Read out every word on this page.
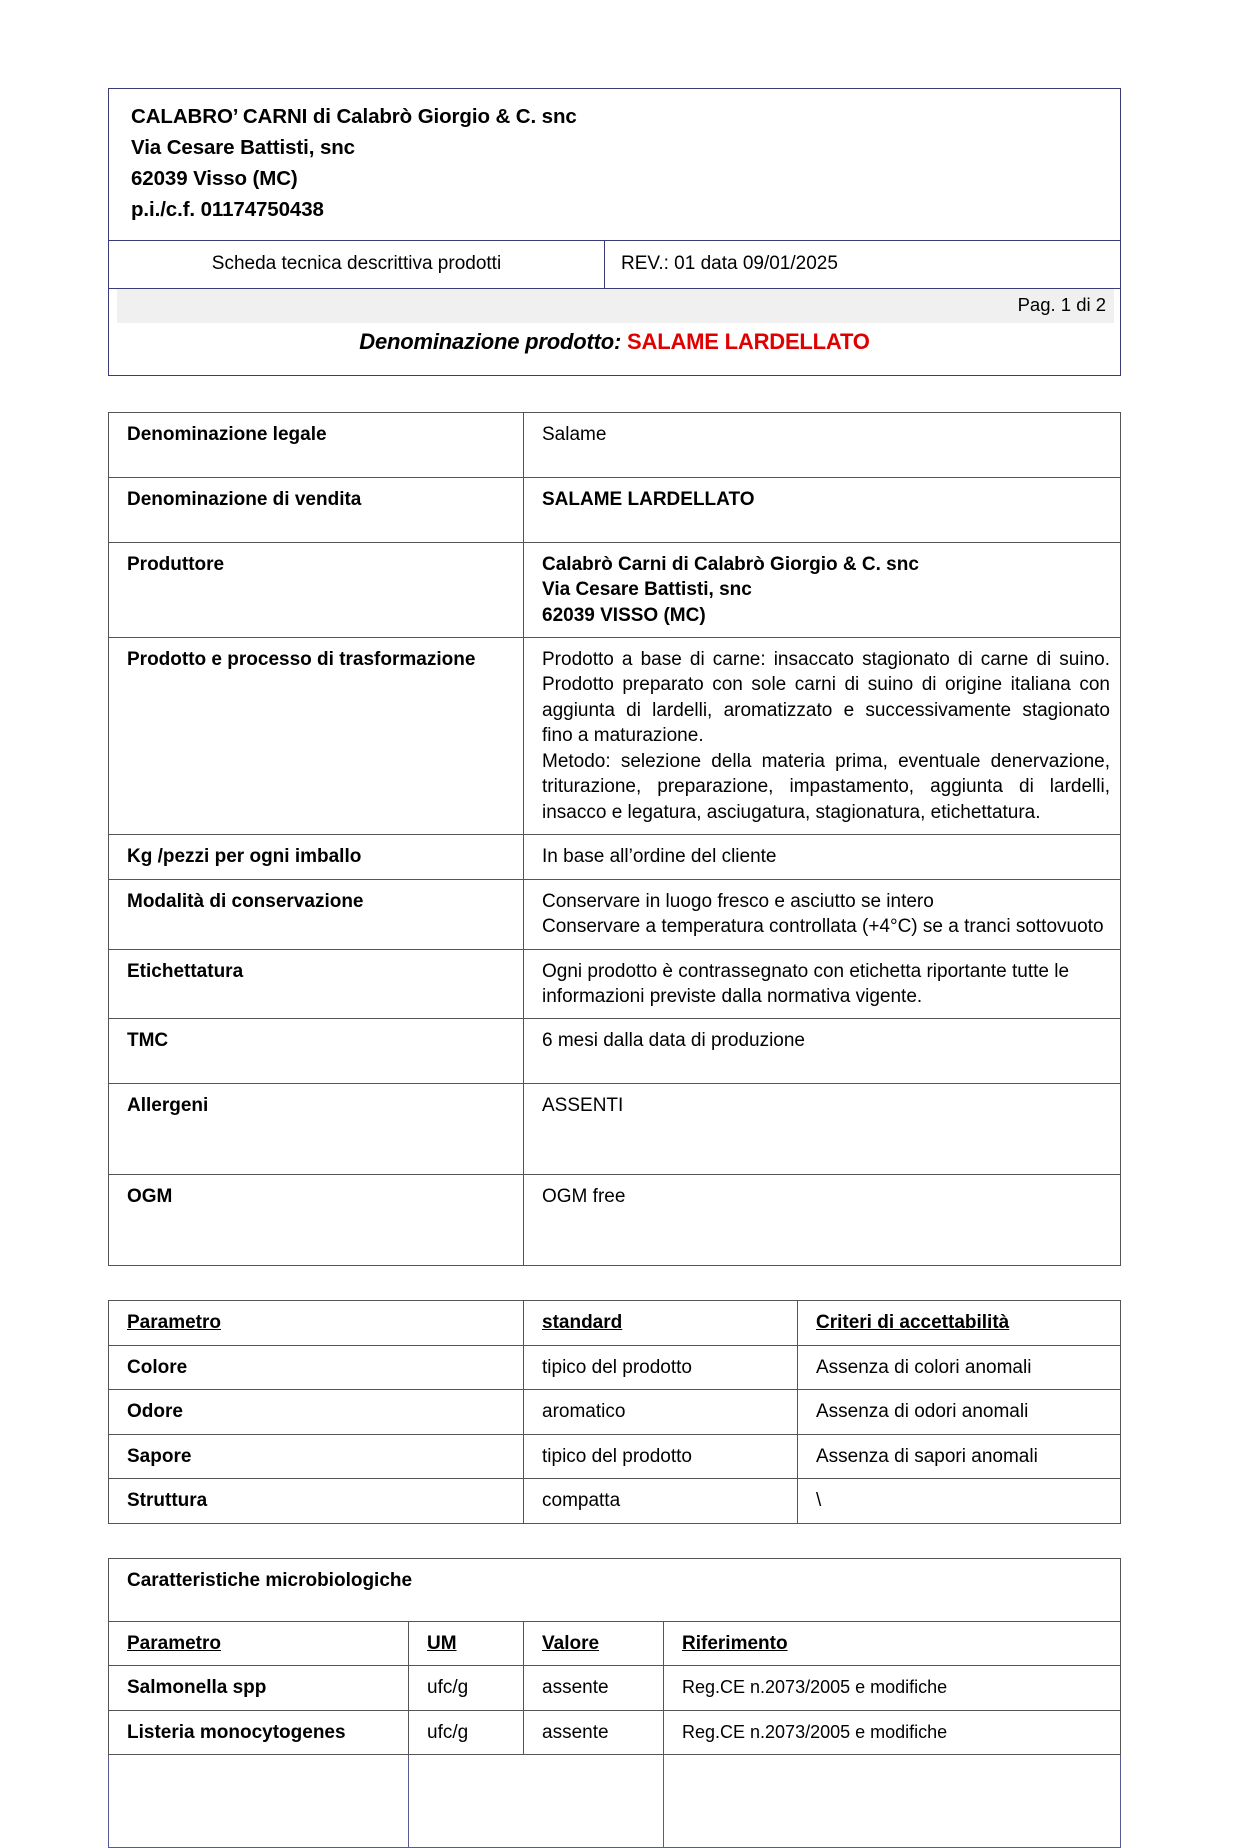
CALABRO’ CARNI di Calabrò Giorgio & C. snc
Via Cesare Battisti, snc
62039 Visso (MC)
p.i./c.f. 01174750438

Scheda tecnica descrittiva prodotti	REV.: 01 data 09/01/2025

Pag. 1 di 2
Denominazione prodotto: SALAME LARDELLATO
Denominazione legale	Salame
Denominazione di vendita	SALAME LARDELLATO
Produttore	Calabrò Carni di Calabrò Giorgio & C. snc
Via Cesare Battisti, snc
62039 VISSO (MC)
Prodotto e processo di trasformazione	Prodotto a base di carne: insaccato stagionato di carne di suino. Prodotto preparato con sole carni di suino di origine italiana con aggiunta di lardelli, aromatizzato e successivamente stagionato fino a maturazione.
Metodo: selezione della materia prima, eventuale denervazione, triturazione, preparazione, impastamento, aggiunta di lardelli, insacco e legatura, asciugatura, stagionatura, etichettatura.
Kg /pezzi per ogni imballo	In base all’ordine del cliente
Modalità di conservazione	Conservare in luogo fresco e asciutto se intero
Conservare a temperatura controllata (+4°C) se a tranci sottovuoto
Etichettatura	Ogni prodotto è contrassegnato con etichetta riportante tutte le informazioni previste dalla normativa vigente.
TMC	6 mesi dalla data di produzione
Allergeni	ASSENTI
OGM	OGM free
Parametro	standard	Criteri di accettabilità
Colore	tipico del prodotto	Assenza di colori anomali
Odore	aromatico	Assenza di odori anomali
Sapore	tipico del prodotto	Assenza di sapori anomali
Struttura	compatta	\
Caratteristiche microbiologiche			
Parametro	UM	Valore	Riferimento
Salmonella spp	ufc/g	assente	Reg.CE n.2073/2005 e modifiche
Listeria monocytogenes	ufc/g	assente	Reg.CE n.2073/2005 e modifiche
